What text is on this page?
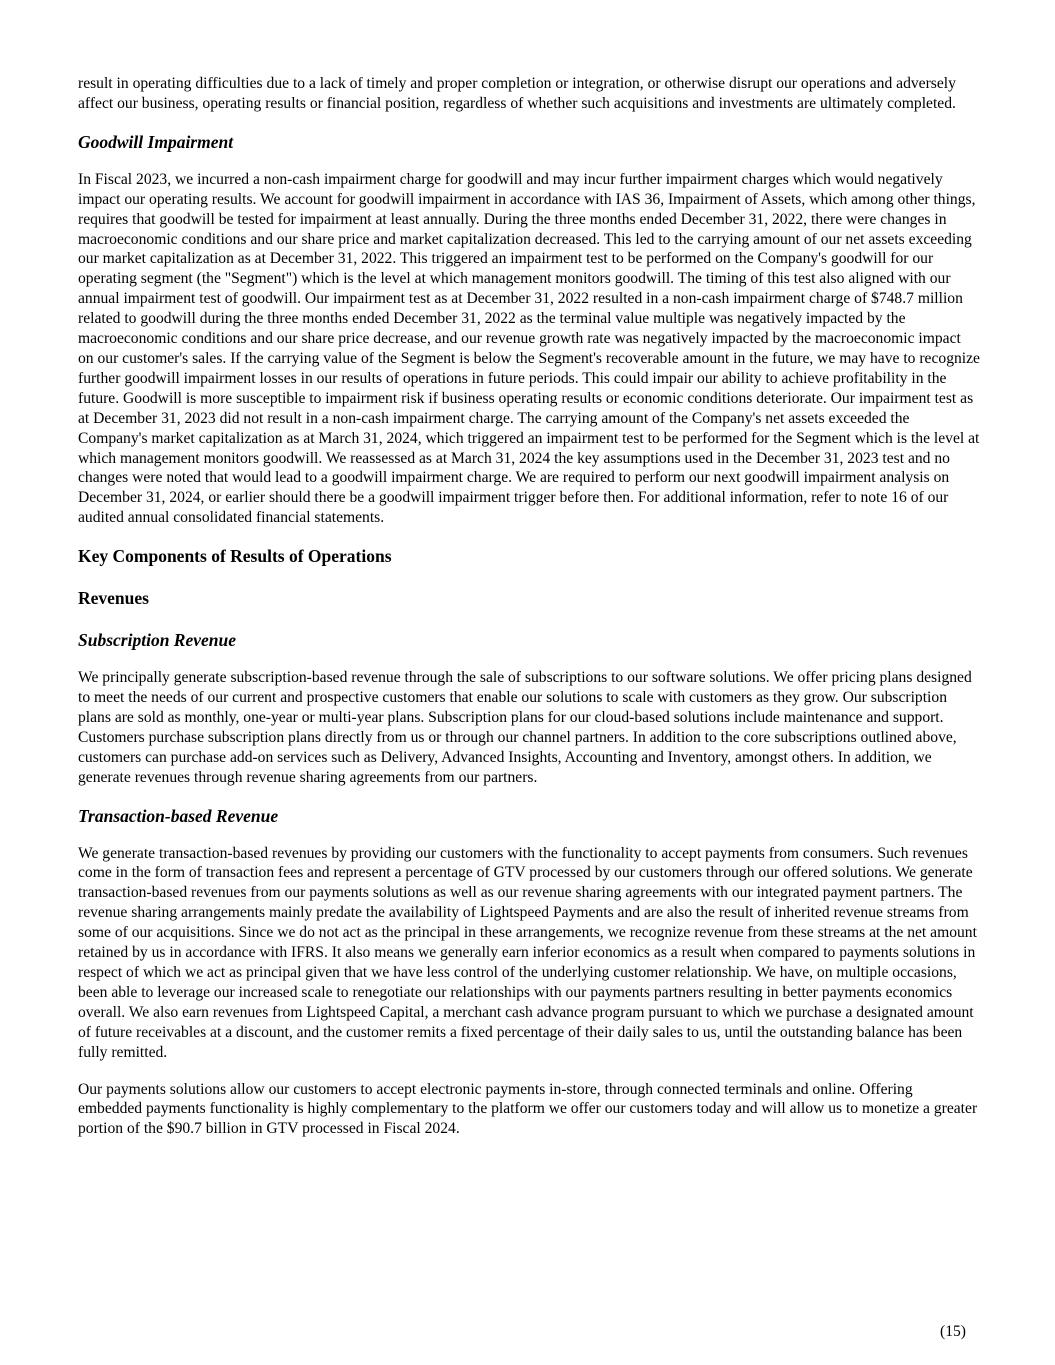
result in operating difficulties due to a lack of timely and proper completion or integration, or otherwise disrupt our operations and adversely affect our business, operating results or financial position, regardless of whether such acquisitions and investments are ultimately completed.

Goodwill Impairment

In Fiscal 2023, we incurred a non-cash impairment charge for goodwill and may incur further impairment charges which would negatively impact our operating results. We account for goodwill impairment in accordance with IAS 36, Impairment of Assets, which among other things, requires that goodwill be tested for impairment at least annually. During the three months ended December 31, 2022, there were changes in macroeconomic conditions and our share price and market capitalization decreased. This led to the carrying amount of our net assets exceeding our market capitalization as at December 31, 2022. This triggered an impairment test to be performed on the Company's goodwill for our operating segment (the "Segment") which is the level at which management monitors goodwill. The timing of this test also aligned with our annual impairment test of goodwill. Our impairment test as at December 31, 2022 resulted in a non-cash impairment charge of $748.7 million related to goodwill during the three months ended December 31, 2022 as the terminal value multiple was negatively impacted by the macroeconomic conditions and our share price decrease, and our revenue growth rate was negatively impacted by the macroeconomic impact on our customer's sales. If the carrying value of the Segment is below the Segment's recoverable amount in the future, we may have to recognize further goodwill impairment losses in our results of operations in future periods. This could impair our ability to achieve profitability in the future. Goodwill is more susceptible to impairment risk if business operating results or economic conditions deteriorate. Our impairment test as at December 31, 2023 did not result in a non-cash impairment charge. The carrying amount of the Company's net assets exceeded the Company's market capitalization as at March 31, 2024, which triggered an impairment test to be performed for the Segment which is the level at which management monitors goodwill. We reassessed as at March 31, 2024 the key assumptions used in the December 31, 2023 test and no changes were noted that would lead to a goodwill impairment charge. We are required to perform our next goodwill impairment analysis on December 31, 2024, or earlier should there be a goodwill impairment trigger before then. For additional information, refer to note 16 of our audited annual consolidated financial statements.

Key Components of Results of Operations
Revenues
Subscription Revenue

We principally generate subscription-based revenue through the sale of subscriptions to our software solutions. We offer pricing plans designed to meet the needs of our current and prospective customers that enable our solutions to scale with customers as they grow. Our subscription plans are sold as monthly, one-year or multi-year plans. Subscription plans for our cloud-based solutions include maintenance and support. Customers purchase subscription plans directly from us or through our channel partners. In addition to the core subscriptions outlined above, customers can purchase add-on services such as Delivery, Advanced Insights, Accounting and Inventory, amongst others. In addition, we generate revenues through revenue sharing agreements from our partners.

Transaction-based Revenue

We generate transaction-based revenues by providing our customers with the functionality to accept payments from consumers. Such revenues come in the form of transaction fees and represent a percentage of GTV processed by our customers through our offered solutions. We generate transaction-based revenues from our payments solutions as well as our revenue sharing agreements with our integrated payment partners. The revenue sharing arrangements mainly predate the availability of Lightspeed Payments and are also the result of inherited revenue streams from some of our acquisitions. Since we do not act as the principal in these arrangements, we recognize revenue from these streams at the net amount retained by us in accordance with IFRS. It also means we generally earn inferior economics as a result when compared to payments solutions in respect of which we act as principal given that we have less control of the underlying customer relationship. We have, on multiple occasions, been able to leverage our increased scale to renegotiate our relationships with our payments partners resulting in better payments economics overall. We also earn revenues from Lightspeed Capital, a merchant cash advance program pursuant to which we purchase a designated amount of future receivables at a discount, and the customer remits a fixed percentage of their daily sales to us, until the outstanding balance has been fully remitted.

Our payments solutions allow our customers to accept electronic payments in-store, through connected terminals and online. Offering embedded payments functionality is highly complementary to the platform we offer our customers today and will allow us to monetize a greater portion of the $90.7 billion in GTV processed in Fiscal 2024.

(15)
